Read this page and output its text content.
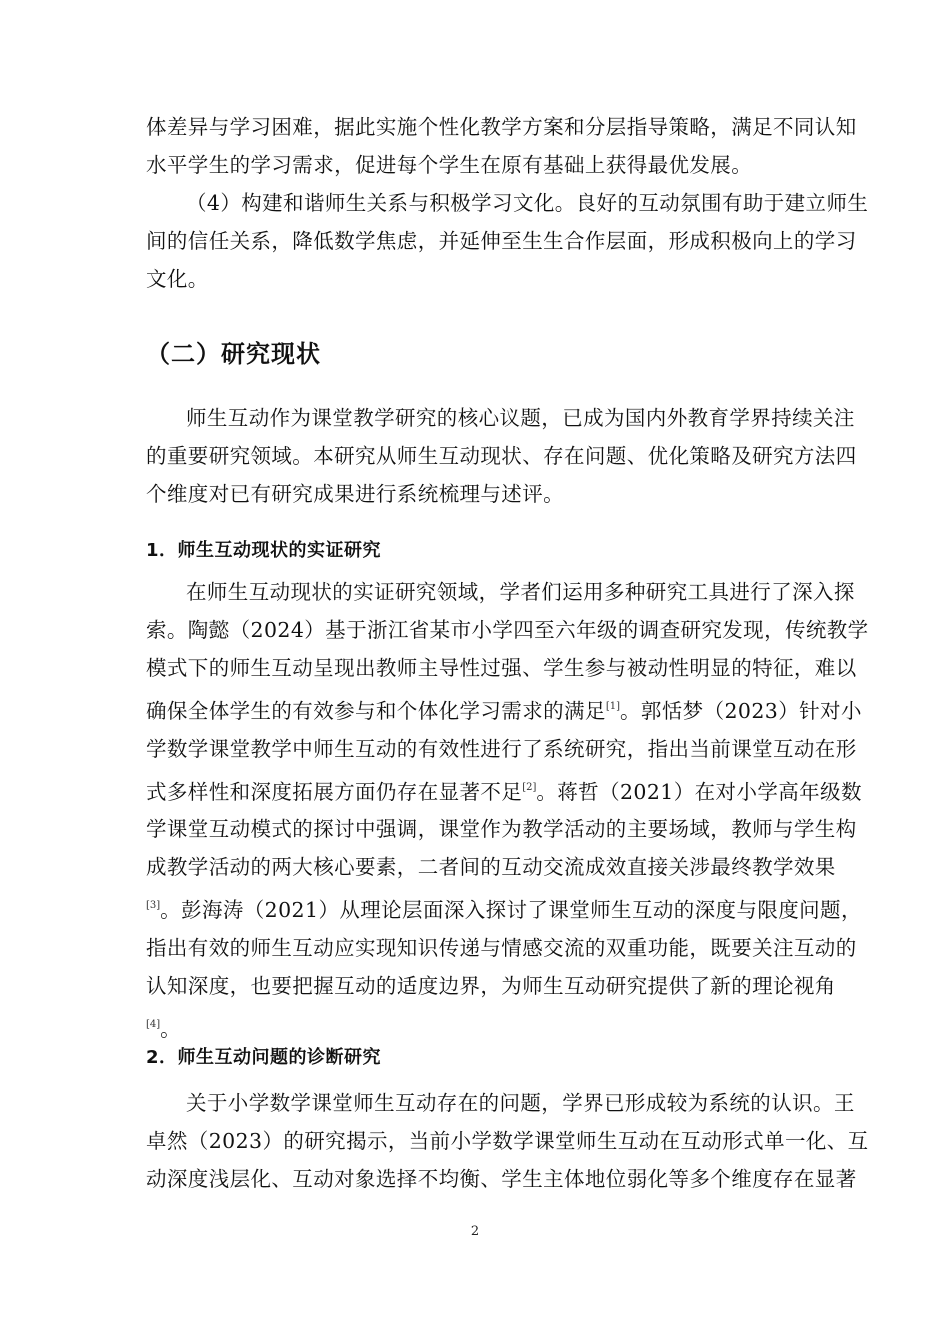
体差异与学习困难，据此实施个性化教学方案和分层指导策略，满足不同认知
水平学生的学习需求，促进每个学生在原有基础上获得最优发展。

（4）构建和谐师生关系与积极学习文化。良好的互动氛围有助于建立师生
间的信任关系，降低数学焦虑，并延伸至生生合作层面，形成积极向上的学习
文化。

（二）研究现状

师生互动作为课堂教学研究的核心议题，已成为国内外教育学界持续关注
的重要研究领域。本研究从师生互动现状、存在问题、优化策略及研究方法四
个维度对已有研究成果进行系统梳理与述评。

1．师生互动现状的实证研究

在师生互动现状的实证研究领域，学者们运用多种研究工具进行了深入探
索。陶懿（2024）基于浙江省某市小学四至六年级的调查研究发现，传统教学
模式下的师生互动呈现出教师主导性过强、学生参与被动性明显的特征，难以
确保全体学生的有效参与和个体化学习需求的满足[1]。郭恬梦（2023）针对小
学数学课堂教学中师生互动的有效性进行了系统研究，指出当前课堂互动在形
式多样性和深度拓展方面仍存在显著不足[2]。蒋哲（2021）在对小学高年级数
学课堂互动模式的探讨中强调，课堂作为教学活动的主要场域，教师与学生构
成教学活动的两大核心要素，二者间的互动交流成效直接关涉最终教学效果
[3]。彭海涛（2021）从理论层面深入探讨了课堂师生互动的深度与限度问题，
指出有效的师生互动应实现知识传递与情感交流的双重功能，既要关注互动的
认知深度，也要把握互动的适度边界，为师生互动研究提供了新的理论视角
[4]。

2．师生互动问题的诊断研究

关于小学数学课堂师生互动存在的问题，学界已形成较为系统的认识。王
卓然（2023）的研究揭示，当前小学数学课堂师生互动在互动形式单一化、互
动深度浅层化、互动对象选择不均衡、学生主体地位弱化等多个维度存在显著

2
